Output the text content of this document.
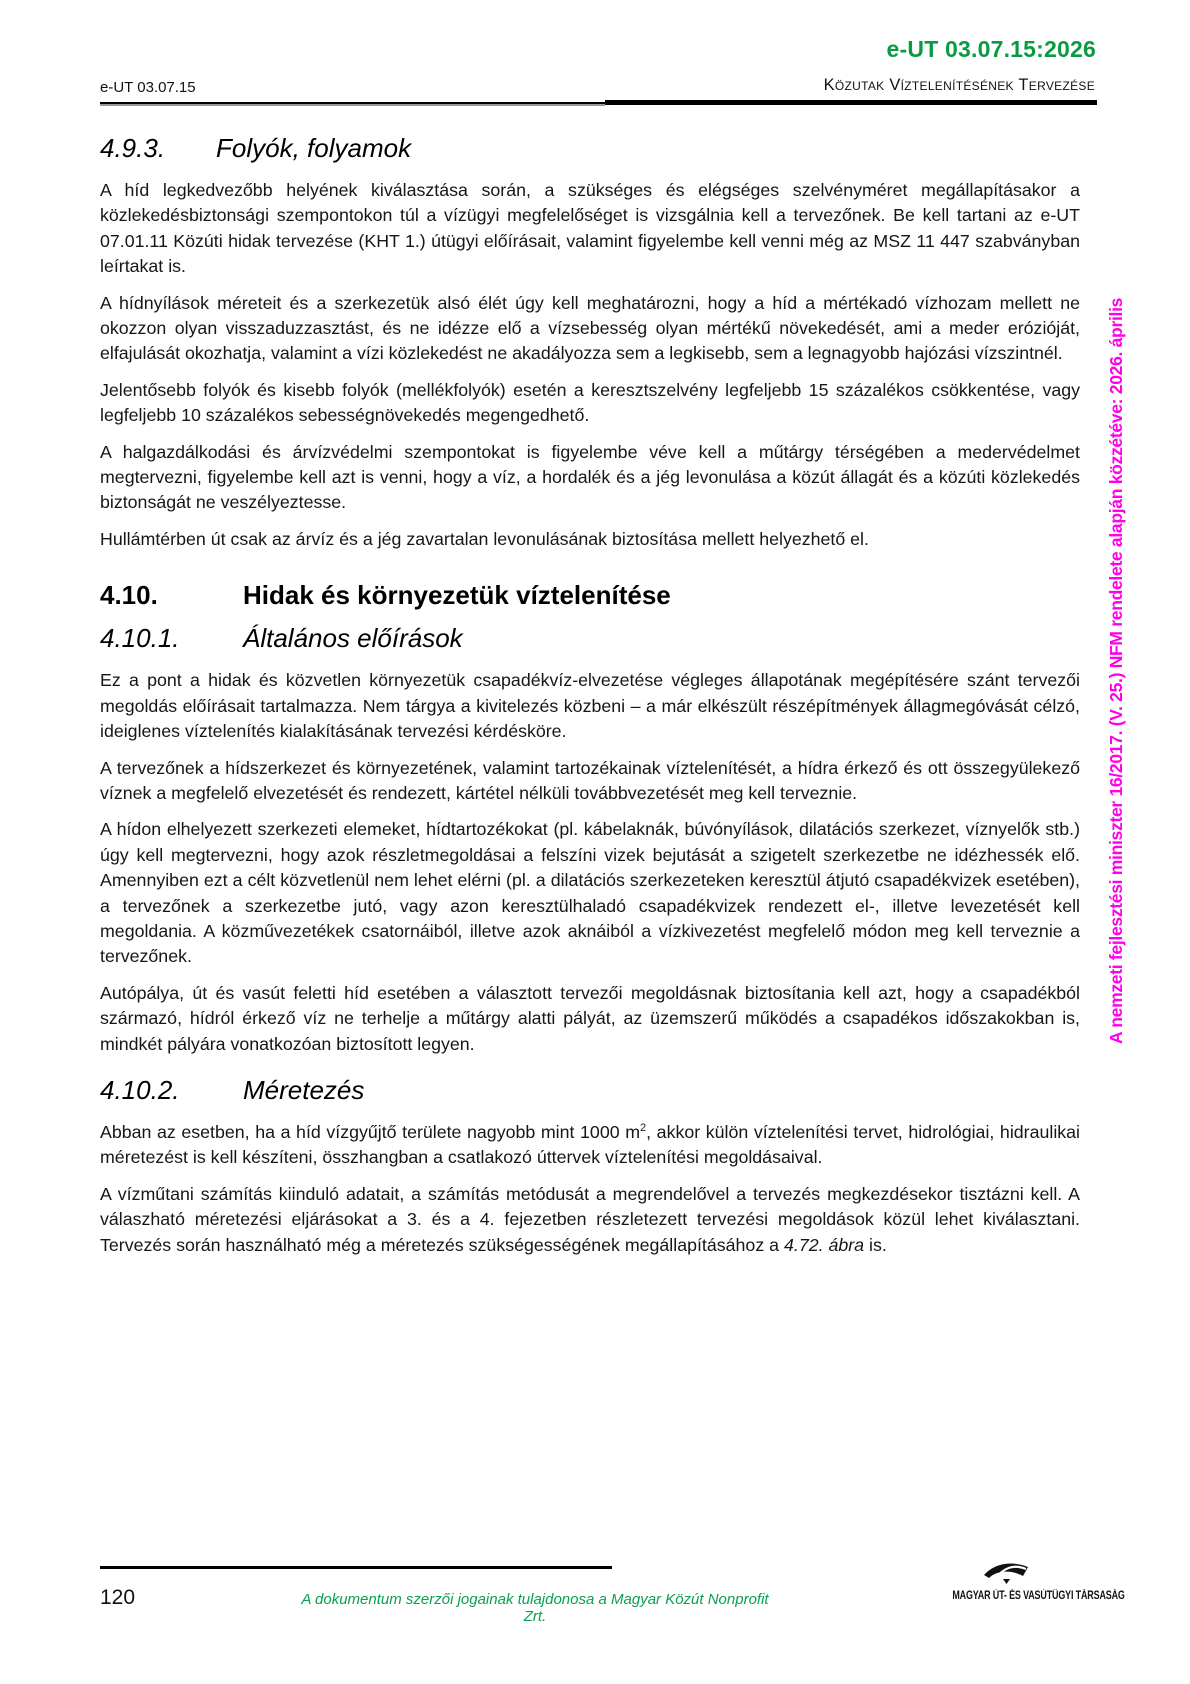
e-UT 03.07.15:2026
e-UT 03.07.15	Közutak Víztelenítésének Tervezése
4.9.3. Folyók, folyamok

A híd legkedvezőbb helyének kiválasztása során, a szükséges és elégséges szelvényméret megállapításakor a közlekedésbiztonsági szempontokon túl a vízügyi megfelelőséget is vizsgálnia kell a tervezőnek. Be kell tartani az e-UT 07.01.11 Közúti hidak tervezése (KHT 1.) útügyi előírásait, valamint figyelembe kell venni még az MSZ 11 447 szabványban leírtakat is.

A hídnyílások méreteit és a szerkezetük alsó élét úgy kell meghatározni, hogy a híd a mértékadó vízhozam mellett ne okozzon olyan visszaduzzasztást, és ne idézze elő a vízsebesség olyan mértékű növekedését, ami a meder erózióját, elfajulását okozhatja, valamint a vízi közlekedést ne akadályozza sem a legkisebb, sem a legnagyobb hajózási vízszintnél.

Jelentősebb folyók és kisebb folyók (mellékfolyók) esetén a keresztszelvény legfeljebb 15 százalékos csökkentése, vagy legfeljebb 10 százalékos sebességnövekedés megengedhető.

A halgazdálkodási és árvízvédelmi szempontokat is figyelembe véve kell a műtárgy térségében a medervédelmet megtervezni, figyelembe kell azt is venni, hogy a víz, a hordalék és a jég levonulása a közút állagát és a közúti közlekedés biztonságát ne veszélyeztesse.

Hullámtérben út csak az árvíz és a jég zavartalan levonulásának biztosítása mellett helyezhető el.

4.10.	Hidak és környezetük víztelenítése
4.10.1. Általános előírások

Ez a pont a hidak és közvetlen környezetük csapadékvíz-elvezetése végleges állapotának megépítésére szánt tervezői megoldás előírásait tartalmazza. Nem tárgya a kivitelezés közbeni – a már elkészült részépítmények állagmegóvását célzó, ideiglenes víztelenítés kialakításának tervezési kérdésköre.

A tervezőnek a hídszerkezet és környezetének, valamint tartozékainak víztelenítését, a hídra érkező és ott összegyülekező víznek a megfelelő elvezetését és rendezett, kártétel nélküli továbbvezetését meg kell terveznie.

A hídon elhelyezett szerkezeti elemeket, hídtartozékokat (pl. kábelaknák, búvónyílások, dilatációs szerkezet, víznyelők stb.) úgy kell megtervezni, hogy azok részletmegoldásai a felszíni vizek bejutását a szigetelt szerkezetbe ne idézhessék elő. Amennyiben ezt a célt közvetlenül nem lehet elérni (pl. a dilatációs szerkezeteken keresztül átjutó csapadékvizek esetében), a tervezőnek a szerkezetbe jutó, vagy azon keresztülhaladó csapadékvizek rendezett el-, illetve levezetését kell megoldania. A közművezetékek csatornáiból, illetve azok aknáiból a vízkivezetést megfelelő módon meg kell terveznie a tervezőnek.

Autópálya, út és vasút feletti híd esetében a választott tervezői megoldásnak biztosítania kell azt, hogy a csapadékból származó, hídról érkező víz ne terhelje a műtárgy alatti pályát, az üzemszerű működés a csapadékos időszakokban is, mindkét pályára vonatkozóan biztosított legyen.

4.10.2. Méretezés

Abban az esetben, ha a híd vízgyűjtő területe nagyobb mint 1000 $m^2$, akkor külön víztelenítési tervet, hidrológiai, hidraulikai méretezést is kell készíteni, összhangban a csatlakozó úttervek víztelenítési megoldásaival.

A vízműtani számítás kiinduló adatait, a számítás metódusát a megrendelővel a tervezés megkezdésekor tisztázni kell. A válaszható méretezési eljárásokat a 3. és a 4. fejezetben részletezett tervezési megoldások közül lehet kiválasztani. Tervezés során használható még a méretezés szükségességének megállapításához a 4.72. ábra is.

A nemzeti fejlesztési miniszter 16/2017. (V. 25.) NFM rendelete alapján közzétéve: 2026. április
120	A dokumentum szerzői jogainak tulajdonosa a Magyar Közút Nonprofit Zrt.
MAGYAR ÚT- ÉS VASÚTÜGYI TÁRSASÁG
